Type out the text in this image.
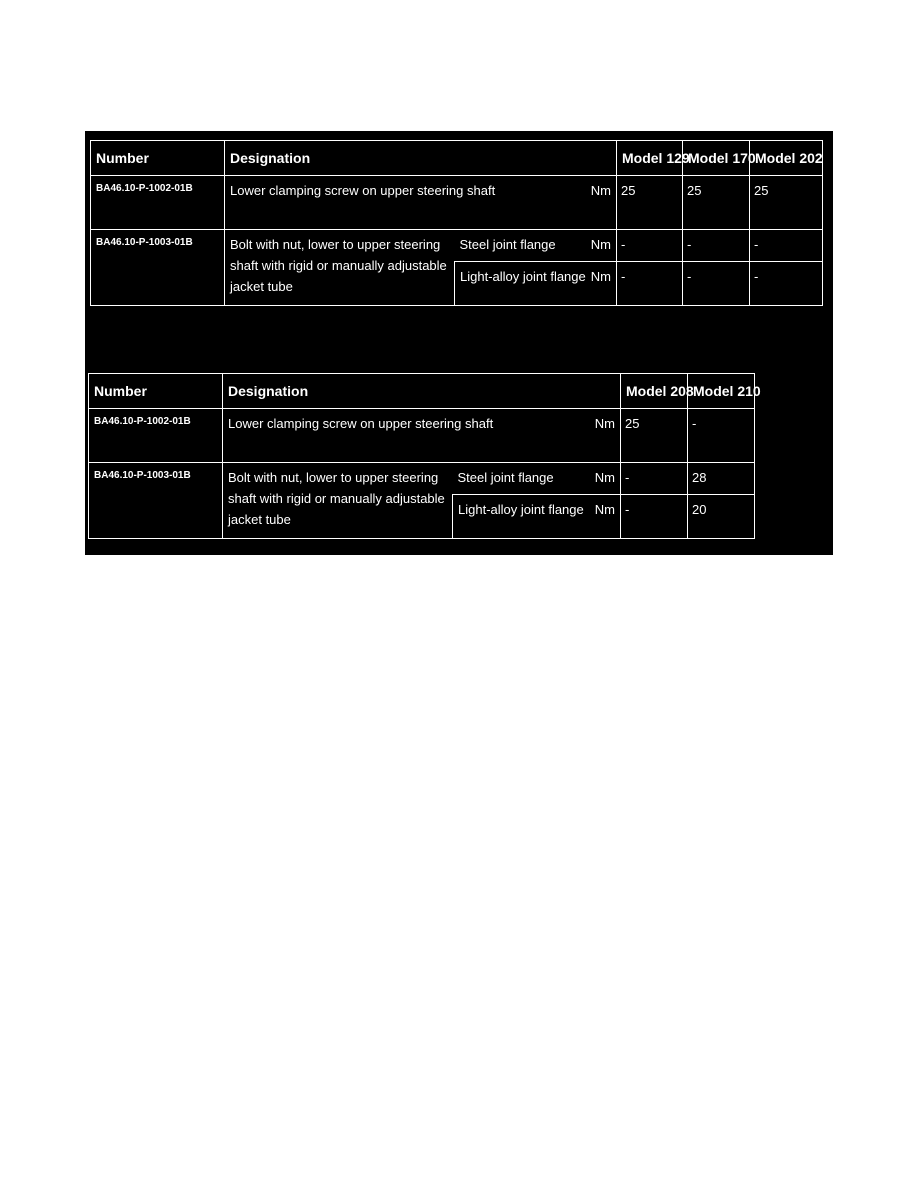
Number	Designation			Model 129	Model 170	Model 202
BA46.10-P-1002-01B	Lower clamping screw on upper steering shaft		Nm	25	25	25
BA46.10-P-1003-01B	Bolt with nut, lower to upper steering shaft with rigid or manually adjustable jacket tube	Steel joint flange	Nm	-	-	-
		Light-alloy joint flange	Nm	-	-	-
Number	Designation			Model 208	Model 210
BA46.10-P-1002-01B	Lower clamping screw on upper steering shaft		Nm	25	-
BA46.10-P-1003-01B	Bolt with nut, lower to upper steering shaft with rigid or manually adjustable jacket tube	Steel joint flange	Nm	-	28
		Light-alloy joint flange	Nm	-	20
